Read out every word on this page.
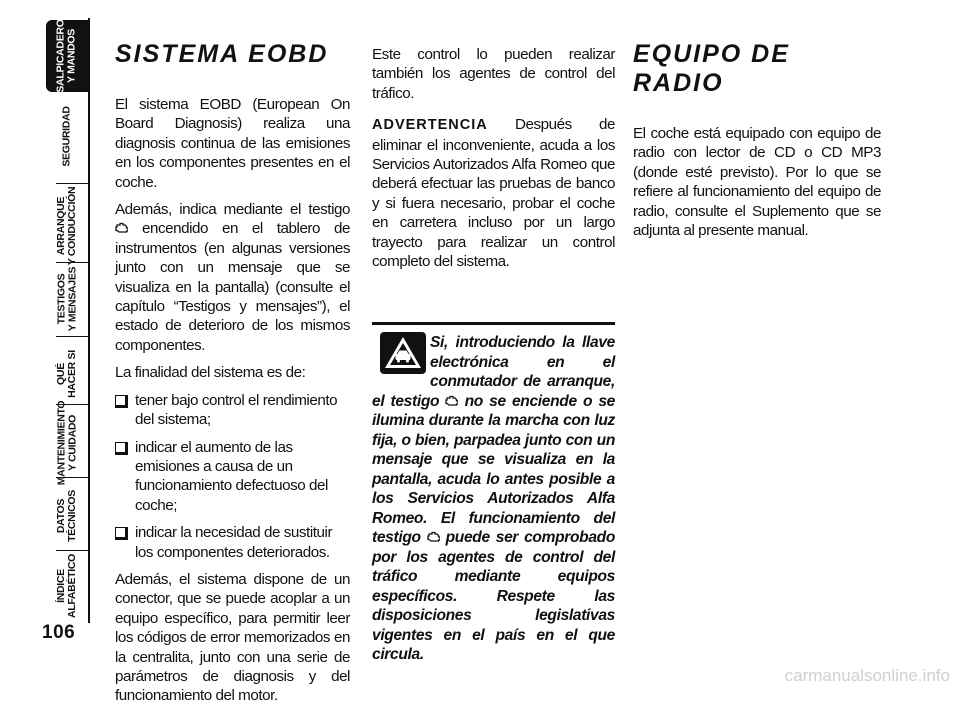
SALPICADERO
Y MANDOS
SEGURIDAD
ARRANQUE
Y CONDUCCIÓN
TESTIGOS
Y MENSAJES
QUÉ
HACER SI
MANTENIMIENTO
Y CUIDADO
DATOS
TÉCNICOS
ÍNDICE
ALFABÉTICO
106
SISTEMA EOBD

El sistema EOBD (European On Board Diagnosis) realiza una diagnosis continua de las emisiones en los componentes presentes en el coche.

Además, indica mediante el testigo  encendido en el tablero de instrumentos (en algunas versiones junto con un mensaje que se visualiza en la pantalla) (consulte el capítulo “Testigos y mensajes”), el estado de deterioro de los mismos componentes.

La finalidad del sistema es de:

tener bajo control el rendimiento del sistema;
indicar el aumento de las emisiones a causa de un funcionamiento defectuoso del coche;
indicar la necesidad de sustituir los componentes deteriorados.

Además, el sistema dispone de un conector, que se puede acoplar a un equipo específico, para permitir leer los códigos de error memorizados en la centralita, junto con una serie de parámetros de diagnosis y del funcionamiento del motor.

Este control lo pueden realizar también los agentes de control del tráfico.

ADVERTENCIA Después de eliminar el inconveniente, acuda a los Servicios Autorizados Alfa Romeo que deberá efectuar las pruebas de banco y si fuera necesario, probar el coche en carretera incluso por un largo trayecto para realizar un control completo del sistema.

Si, introduciendo la llave electrónica en el conmutador de arranque, el testigo no se enciende o se ilumina durante la marcha con luz fija, o bien, parpadea junto con un mensaje que se visualiza en la pantalla, acuda lo antes posible a los Servicios Autorizados Alfa Romeo. El funcionamiento del testigo puede ser comprobado por los agentes de control del tráfico mediante equipos específicos. Respete las disposiciones legislativas vigentes en el país en el que circula.
EQUIPO DE RADIO

El coche está equipado con equipo de radio con lector de CD o CD MP3 (donde esté previsto). Por lo que se refiere al funcionamiento del equipo de radio, consulte el Suplemento que se adjunta al presente manual.

carmanualsonline.info
